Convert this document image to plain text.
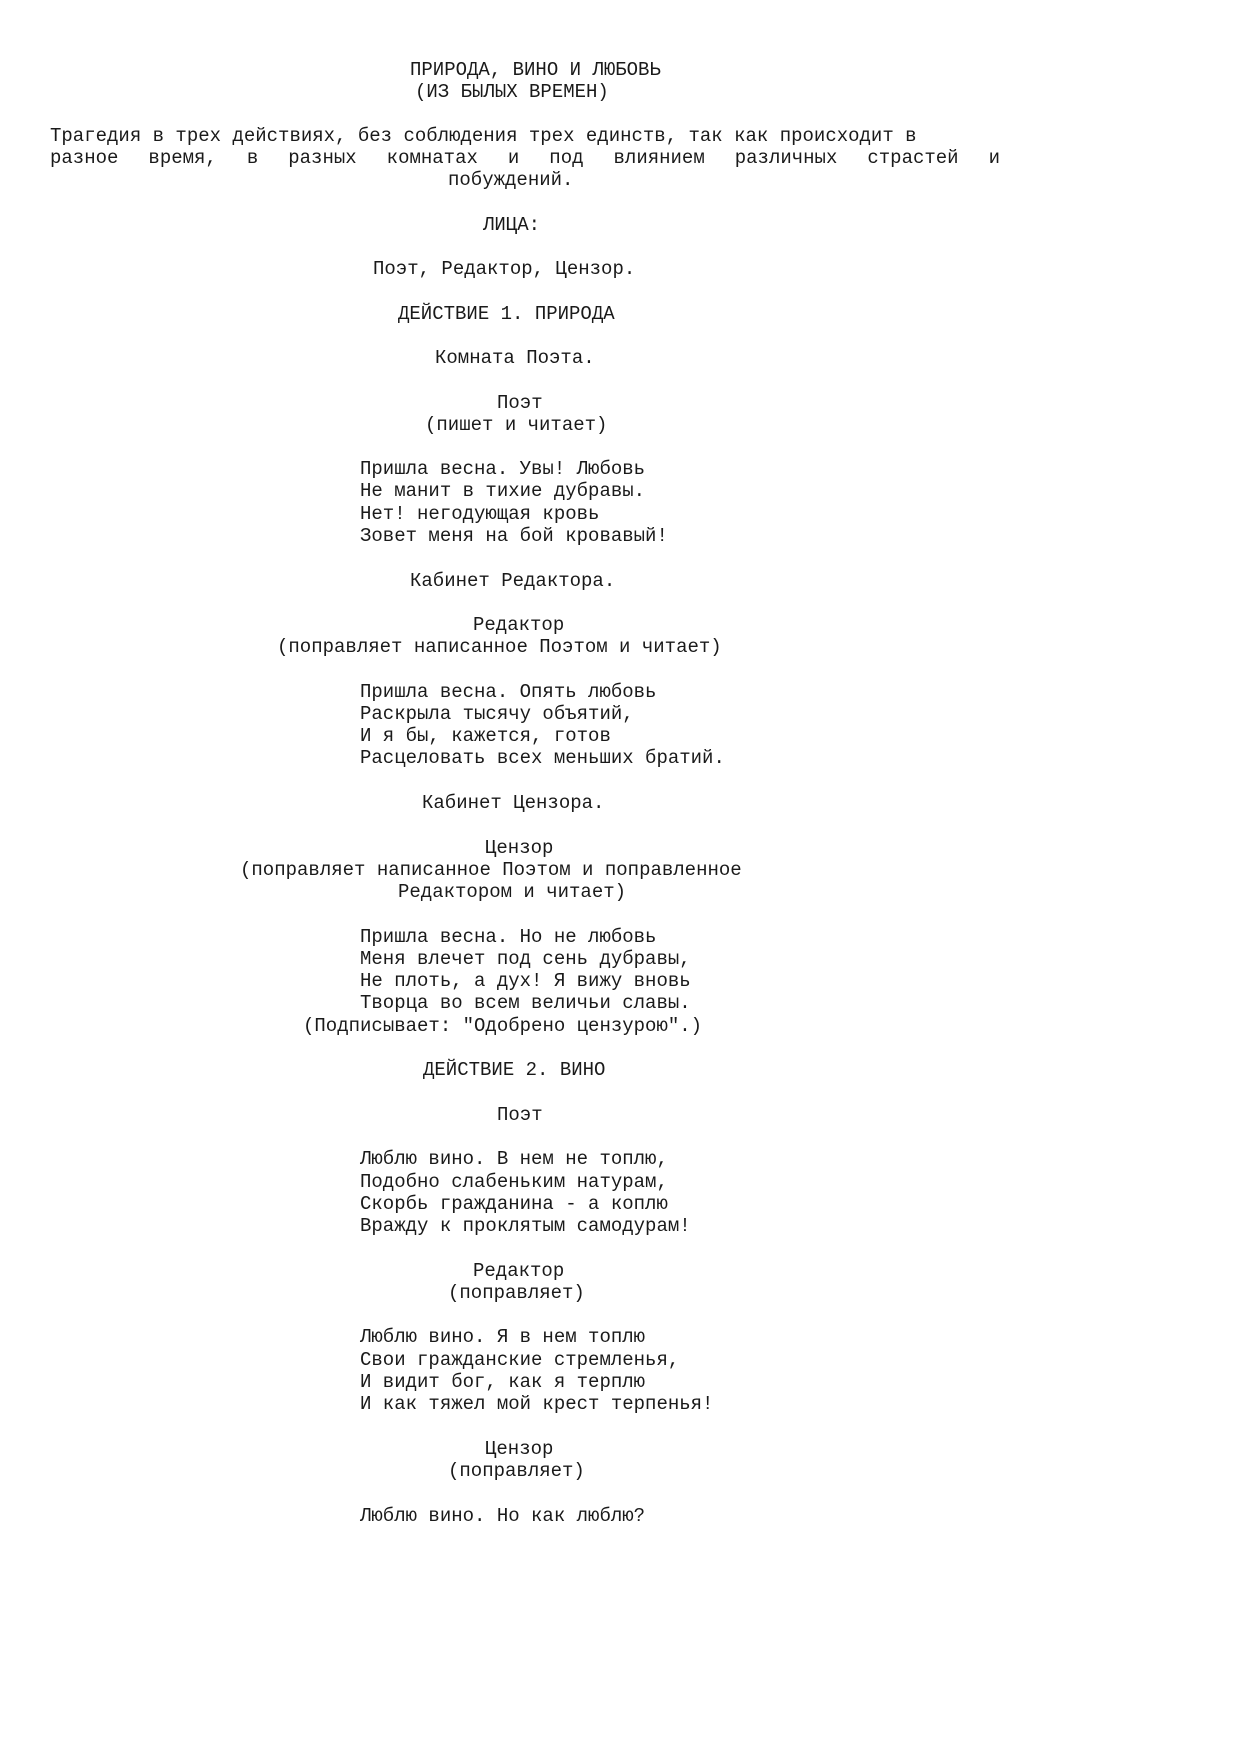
ПРИРОДА, ВИНО И ЛЮБОВЬ
(ИЗ БЫЛЫХ ВРЕМЕН)
Трагедия в трех действиях, без соблюдения трех единств, так как происходит в
разное время, в разных комнатах и под влиянием различных страстей и
побуждений.
ЛИЦА:
Поэт, Редактор, Цензор.
ДЕЙСТВИЕ 1. ПРИРОДА
Комната Поэта.
Поэт
(пишет и читает)
Пришла весна. Увы! Любовь
Не манит в тихие дубравы.
Нет! негодующая кровь
Зовет меня на бой кровавый!
Кабинет Редактора.
Редактор
(поправляет написанное Поэтом и читает)
Пришла весна. Опять любовь
Раскрыла тысячу объятий,
И я бы, кажется, готов
Расцеловать всех меньших братий.
Кабинет Цензора.
Цензор
(поправляет написанное Поэтом и поправленное
Редактором и читает)
Пришла весна. Но не любовь
Меня влечет под сень дубравы,
Не плоть, а дух! Я вижу вновь
Творца во всем величьи славы.
(Подписывает: "Одобрено цензурою".)
ДЕЙСТВИЕ 2. ВИНО
Поэт
Люблю вино. В нем не топлю,
Подобно слабеньким натурам,
Скорбь гражданина - а коплю
Вражду к проклятым самодурам!
Редактор
(поправляет)
Люблю вино. Я в нем топлю
Свои гражданские стремленья,
И видит бог, как я терплю
И как тяжел мой крест терпенья!
Цензор
(поправляет)
Люблю вино. Но как люблю?
